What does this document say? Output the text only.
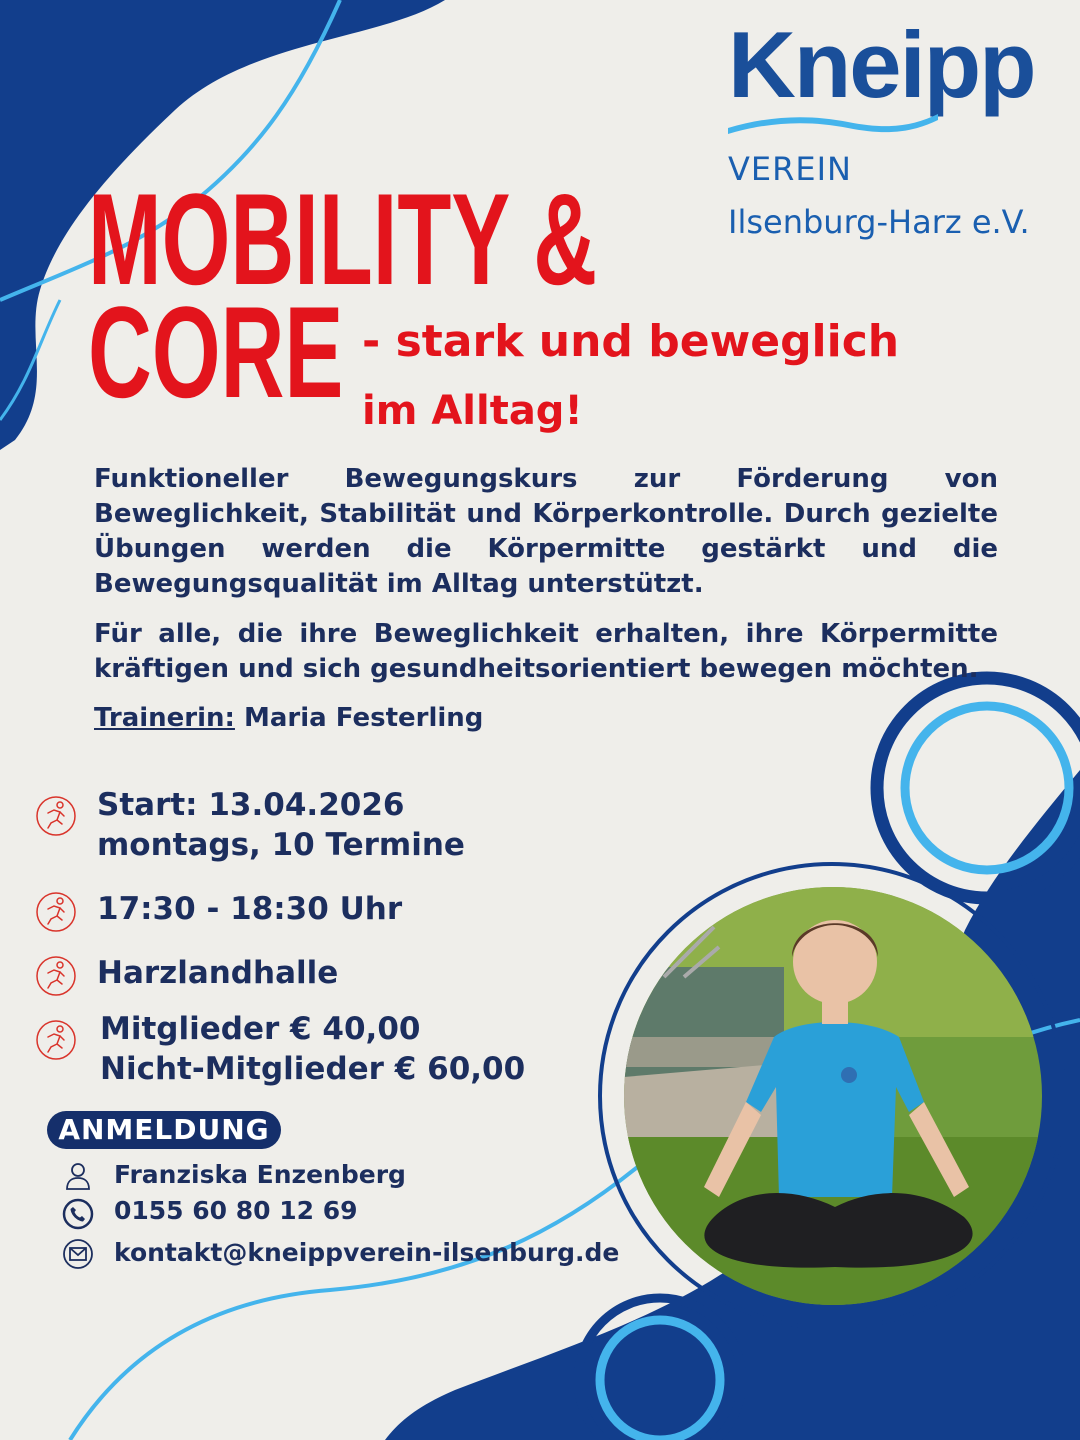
Kneipp
VEREIN
Ilsenburg-Harz e.V.
MOBILITY &
CORE - stark und beweglich
im Alltag!

Funktioneller Bewegungskurs zur Förderung von Beweglichkeit, Stabilität und Körperkontrolle. Durch gezielte Übungen werden die Körpermitte gestärkt und die Bewegungsqualität im Alltag unterstützt.

Für alle, die ihre Beweglichkeit erhalten, ihre Körpermitte kräftigen und sich gesundheitsorientiert bewegen möchten.

Trainerin: Maria Festerling
Start: 13.04.2026
montags, 10 Termine
17:30 - 18:30 Uhr
Harzlandhalle
Mitglieder € 40,00
Nicht-Mitglieder € 60,00
ANMELDUNG
Franziska Enzenberg
0155 60 80 12 69
kontakt@kneippverein-ilsenburg.de
